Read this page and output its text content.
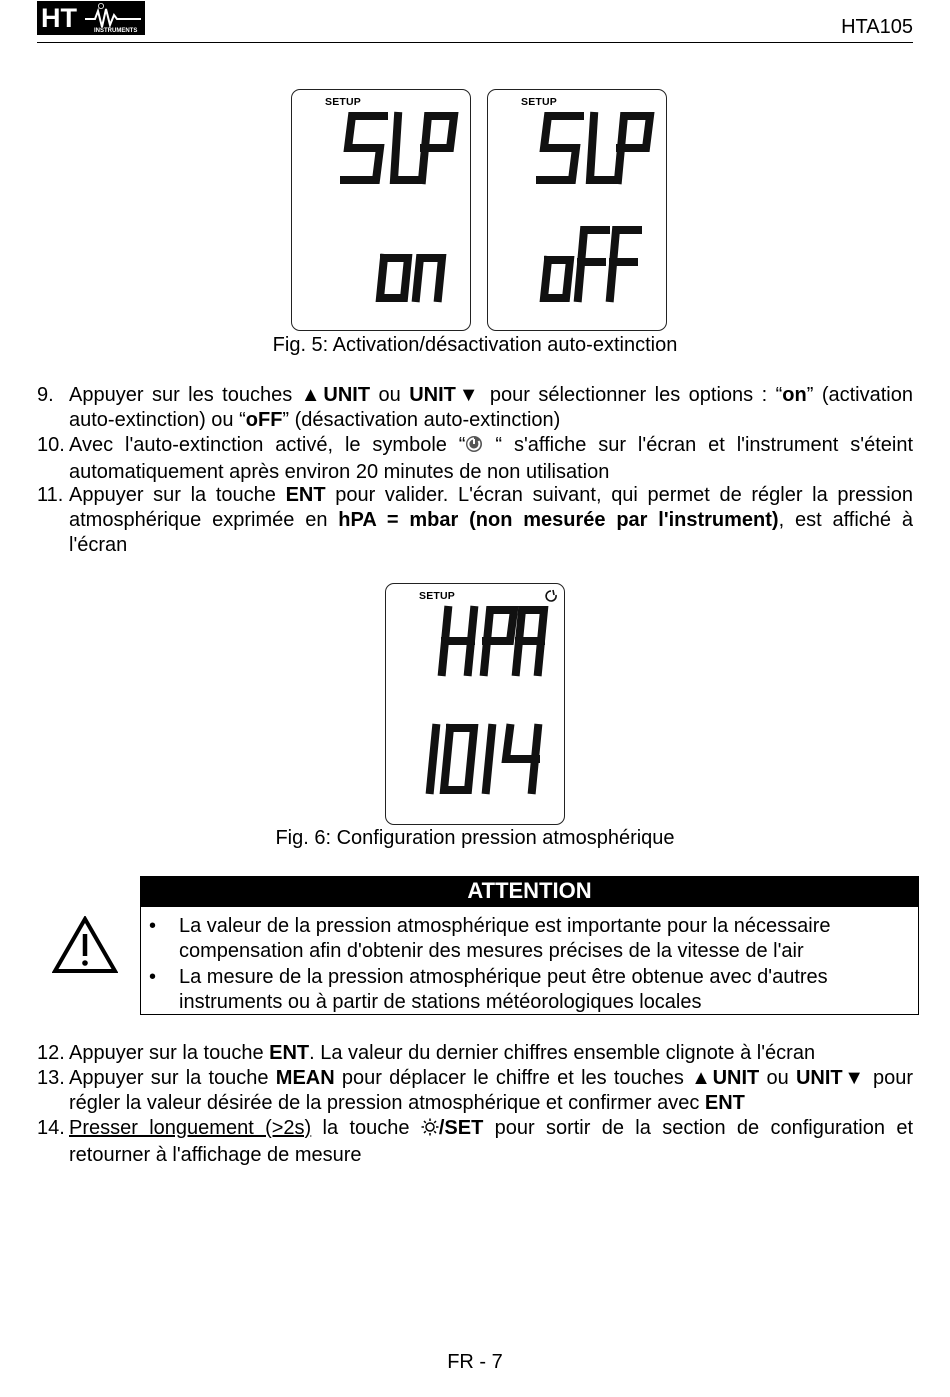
HT	INSTRUMENTS	HTA105
SETUP	SETUP
Fig. 5: Activation/désactivation auto-extinction
9. Appuyer sur les touches ▲UNIT ou UNIT▼ pour sélectionner les options : “on” (activation auto-extinction) ou “oFF” (désactivation auto-extinction)
10. Avec l'auto-extinction activé, le symbole “ “ s'affiche sur l'écran et l'instrument s'éteint automatiquement après environ 20 minutes de non utilisation
11. Appuyer sur la touche ENT pour valider. L'écran suivant, qui permet de régler la pression atmosphérique exprimée en hPA = mbar (non mesurée par l'instrument), est affiché à l'écran
SETUP
Fig. 6: Configuration pression atmosphérique
ATTENTION
• La valeur de la pression atmosphérique est importante pour la nécessaire compensation afin d'obtenir des mesures précises de la vitesse de l'air
• La mesure de la pression atmosphérique peut être obtenue avec d'autres instruments ou à partir de stations météorologiques locales
12. Appuyer sur la touche ENT. La valeur du dernier chiffres ensemble clignote à l'écran
13. Appuyer sur la touche MEAN pour déplacer le chiffre et les touches ▲UNIT ou UNIT▼ pour régler la valeur désirée de la pression atmosphérique et confirmer avec ENT
14. Presser longuement (>2s) la touche /SET pour sortir de la section de configuration et retourner à l'affichage de mesure
FR - 7
